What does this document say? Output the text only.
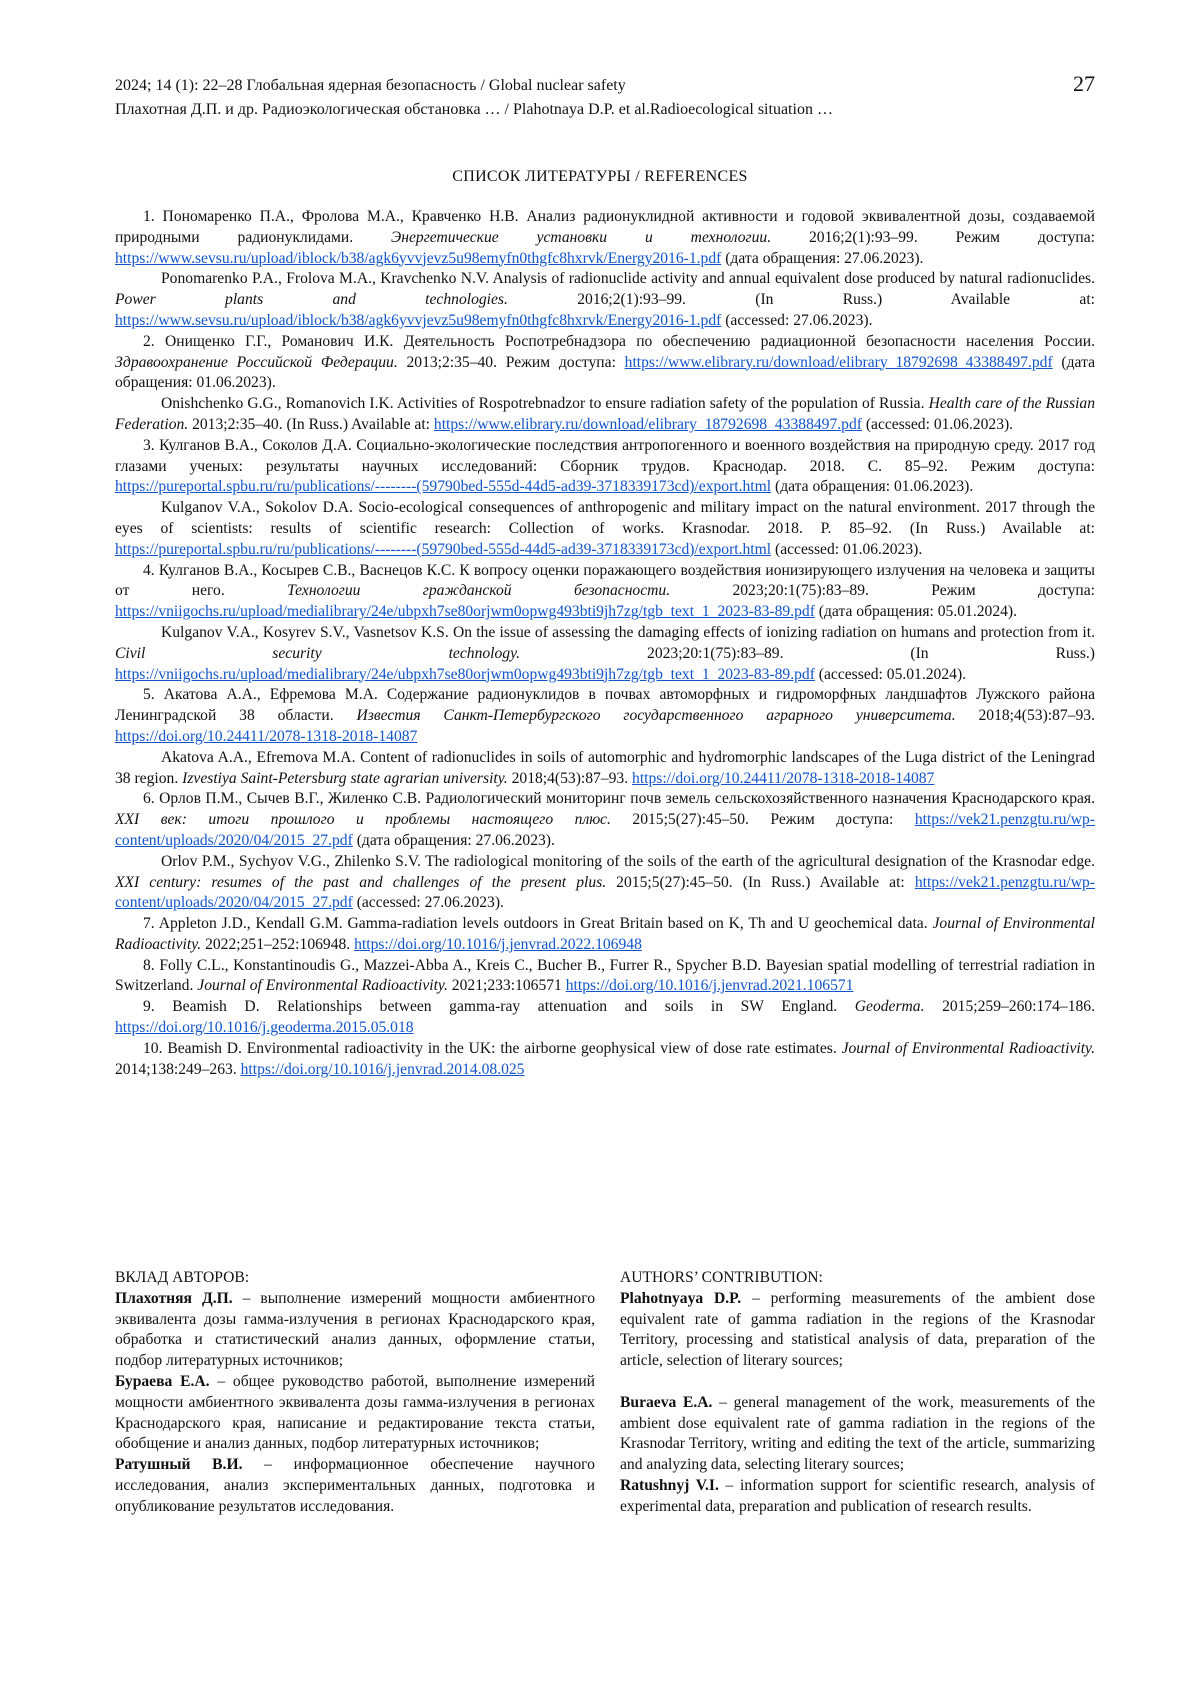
2024; 14 (1): 22–28 Глобальная ядерная безопасность / Global nuclear safety
Плахотная Д.П. и др. Радиоэкологическая обстановка … / Plahotnaya D.P. et al.Radioecological situation …
27
СПИСОК ЛИТЕРАТУРЫ / REFERENCES

1. Пономаренко П.А., Фролова М.А., Кравченко Н.В. Анализ радионуклидной активности и годовой эквивалентной дозы, создаваемой природными радионуклидами. Энергетические установки и технологии. 2016;2(1):93–99. Режим доступа: https://www.sevsu.ru/upload/iblock/b38/agk6yvvjevz5u98emyfn0thgfc8hxrvk/Energy2016-1.pdf (дата обращения: 27.06.2023).

Ponomarenko P.A., Frolova M.A., Kravchenko N.V. Analysis of radionuclide activity and annual equivalent dose produced by natural radionuclides. Power plants and technologies. 2016;2(1):93–99. (In Russ.) Available at: https://www.sevsu.ru/upload/iblock/b38/agk6yvvjevz5u98emyfn0thgfc8hxrvk/Energy2016-1.pdf (accessed: 27.06.2023).

2. Онищенко Г.Г., Романович И.К. Деятельность Роспотребнадзора по обеспечению радиационной безопасности населения России. Здравоохранение Российской Федерации. 2013;2:35–40. Режим доступа: https://www.elibrary.ru/download/elibrary_18792698_43388497.pdf (дата обращения: 01.06.2023).

Onishchenko G.G., Romanovich I.K. Activities of Rospotrebnadzor to ensure radiation safety of the population of Russia. Health care of the Russian Federation. 2013;2:35–40. (In Russ.) Available at: https://www.elibrary.ru/download/elibrary_18792698_43388497.pdf (accessed: 01.06.2023).

3. Кулганов В.А., Соколов Д.А. Социально-экологические последствия антропогенного и военного воздействия на природную среду. 2017 год глазами ученых: результаты научных исследований: Сборник трудов. Краснодар. 2018. С. 85–92. Режим доступа: https://pureportal.spbu.ru/ru/publications/--------(59790bed-555d-44d5-ad39-3718339173cd)/export.html (дата обращения: 01.06.2023).

Kulganov V.A., Sokolov D.A. Socio-ecological consequences of anthropogenic and military impact on the natural environment. 2017 through the eyes of scientists: results of scientific research: Collection of works. Krasnodar. 2018. P. 85–92. (In Russ.) Available at: https://pureportal.spbu.ru/ru/publications/--------(59790bed-555d-44d5-ad39-3718339173cd)/export.html (accessed: 01.06.2023).

4. Кулганов В.А., Косырев С.В., Васнецов К.С. К вопросу оценки поражающего воздействия ионизирующего излучения на человека и защиты от него. Технологии гражданской безопасности. 2023;20:1(75):83–89. Режим доступа: https://vniigochs.ru/upload/medialibrary/24e/ubpxh7se80orjwm0opwg493bti9jh7zg/tgb_text_1_2023-83-89.pdf (дата обращения: 05.01.2024).

Kulganov V.A., Kosyrev S.V., Vasnetsov K.S. On the issue of assessing the damaging effects of ionizing radiation on humans and protection from it. Civil security technology. 2023;20:1(75):83–89. (In Russ.) https://vniigochs.ru/upload/medialibrary/24e/ubpxh7se80orjwm0opwg493bti9jh7zg/tgb_text_1_2023-83-89.pdf (accessed: 05.01.2024).

5. Акатова А.А., Ефремова М.А. Содержание радионуклидов в почвах автоморфных и гидроморфных ландшафтов Лужского района Ленинградской 38 области. Известия Санкт-Петербургского государственного аграрного университета. 2018;4(53):87–93. https://doi.org/10.24411/2078-1318-2018-14087

Akatova A.A., Efremova M.A. Content of radionuclides in soils of automorphic and hydromorphic landscapes of the Luga district of the Leningrad 38 region. Izvestiya Saint-Petersburg state agrarian university. 2018;4(53):87–93. https://doi.org/10.24411/2078-1318-2018-14087

6. Орлов П.М., Сычев В.Г., Жиленко С.В. Радиологический мониторинг почв земель сельскохозяйственного назначения Краснодарского края. XXI век: итоги прошлого и проблемы настоящего плюс. 2015;5(27):45–50. Режим доступа: https://vek21.penzgtu.ru/wp-content/uploads/2020/04/2015_27.pdf (дата обращения: 27.06.2023).

Orlov P.M., Sychyov V.G., Zhilenko S.V. The radiological monitoring of the soils of the earth of the agricultural designation of the Krasnodar edge. XXI century: resumes of the past and challenges of the present plus. 2015;5(27):45–50. (In Russ.) Available at: https://vek21.penzgtu.ru/wp-content/uploads/2020/04/2015_27.pdf (accessed: 27.06.2023).

7. Appleton J.D., Kendall G.M. Gamma-radiation levels outdoors in Great Britain based on K, Th and U geochemical data. Journal of Environmental Radioactivity. 2022;251–252:106948. https://doi.org/10.1016/j.jenvrad.2022.106948

8. Folly C.L., Konstantinoudis G., Mazzei-Abba A., Kreis C., Bucher B., Furrer R., Spycher B.D. Bayesian spatial modelling of terrestrial radiation in Switzerland. Journal of Environmental Radioactivity. 2021;233:106571 https://doi.org/10.1016/j.jenvrad.2021.106571

9. Beamish D. Relationships between gamma-ray attenuation and soils in SW England. Geoderma. 2015;259–260:174–186. https://doi.org/10.1016/j.geoderma.2015.05.018

10. Beamish D. Environmental radioactivity in the UK: the airborne geophysical view of dose rate estimates. Journal of Environmental Radioactivity. 2014;138:249–263. https://doi.org/10.1016/j.jenvrad.2014.08.025

ВКЛАД АВТОРОВ:

Плахотняя Д.П. – выполнение измерений мощности амбиентного эквивалента дозы гамма-излучения в регионах Краснодарского края, обработка и статистический анализ данных, оформление статьи, подбор литературных источников;

Бураева Е.А. – общее руководство работой, выполнение измерений мощности амбиентного эквивалента дозы гамма-излучения в регионах Краснодарского края, написание и редактирование текста статьи, обобщение и анализ данных, подбор литературных источников;

Ратушный В.И. – информационное обеспечение научного исследования, анализ экспериментальных данных, подготовка и опубликование результатов исследования.

AUTHORS’ CONTRIBUTION:

Plahotnyaya D.P. – performing measurements of the ambient dose equivalent rate of gamma radiation in the regions of the Krasnodar Territory, processing and statistical analysis of data, preparation of the article, selection of literary sources;

Buraeva E.A. – general management of the work, measurements of the ambient dose equivalent rate of gamma radiation in the regions of the Krasnodar Territory, writing and editing the text of the article, summarizing and analyzing data, selecting literary sources;

Ratushnyj V.I. – information support for scientific research, analysis of experimental data, preparation and publication of research results.
